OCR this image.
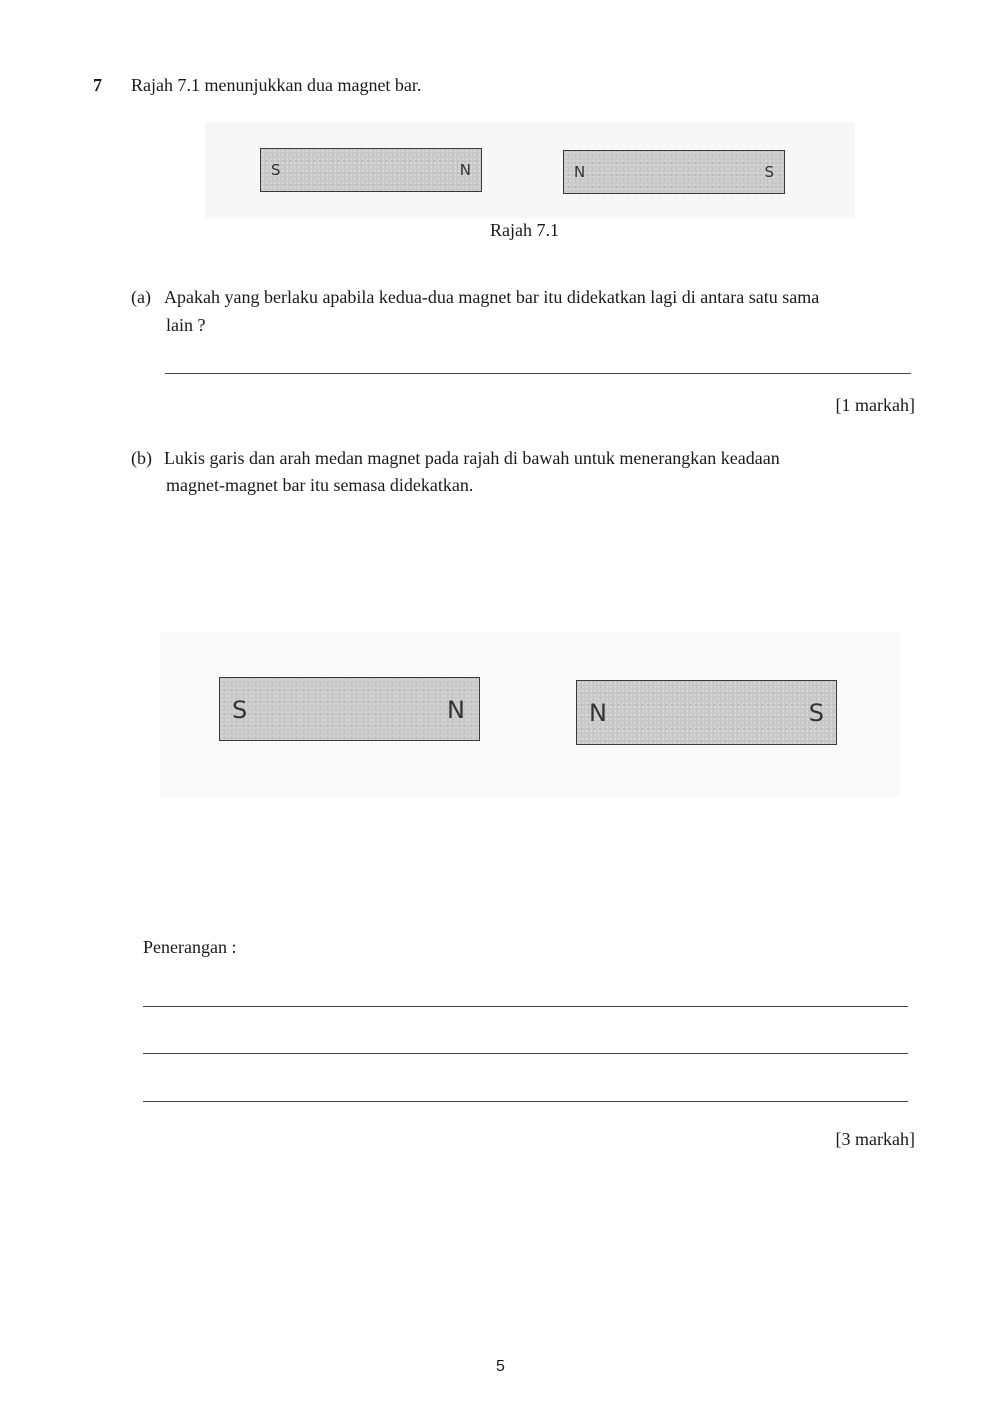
7 Rajah 7.1 menunjukkan dua magnet bar.
S	N	N	S
Rajah 7.1
(a) Apakah yang berlaku apabila kedua-dua magnet bar itu didekatkan lagi di antara satu sama
lain ?
[1 markah]
(b) Lukis garis dan arah medan magnet pada rajah di bawah untuk menerangkan keadaan
magnet-magnet bar itu semasa didekatkan.
S	N	N	S
Penerangan :
[3 markah]
5
